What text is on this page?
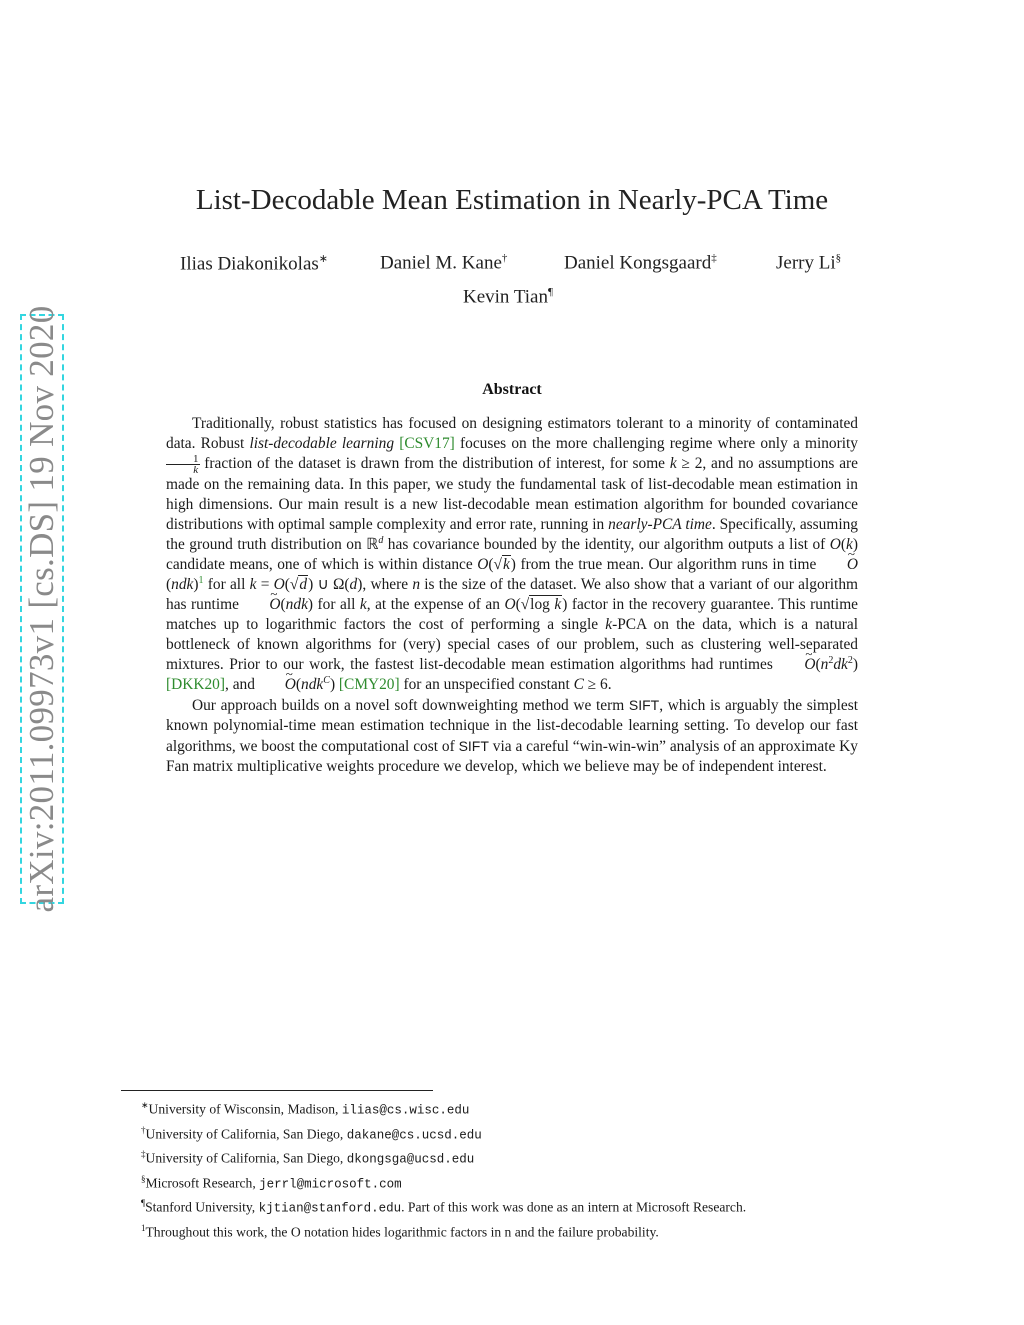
arXiv:2011.09973v1 [cs.DS] 19 Nov 2020
List-Decodable Mean Estimation in Nearly-PCA Time
Ilias Diakonikolas∗	Daniel M. Kane†	Daniel Kongsgaard‡	Jerry Li§
Kevin Tian¶
Abstract

Traditionally, robust statistics has focused on designing estimators tolerant to a minority of contaminated data. Robust list-decodable learning [CSV17] focuses on the more challenging regime where only a minority
$\frac{1}{k}$ fraction of the dataset is drawn from the distribution of interest, for some k ≥ 2, and no assumptions are made on the remaining data. In this paper, we study the fundamental task of list-decodable mean estimation in high dimensions. Our main result is a new list-decodable mean estimation algorithm for bounded covariance distributions with optimal sample complexity and error rate, running in nearly-PCA time. Specifically, assuming the ground truth distribution on ℝ$^d$ has covariance bounded by the identity, our algorithm outputs a list of O(k) candidate means, one of which is within distance O(√k) from the true mean. Our algorithm runs in time ~ O(ndk)$^1$ for all k = O(√d) ∪ Ω(d), where n is the size of the dataset. We also show that a variant of our algorithm has runtime ~ O(ndk) for all k, at the expense of an O(√log k) factor in the recovery guarantee. This runtime matches up to logarithmic factors the cost of performing a single k-PCA on the data, which is a natural bottleneck of known algorithms for (very) special cases of our problem, such as clustering well-separated mixtures. Prior to our work, the fastest list-decodable mean estimation algorithms had runtimes ~ $O(n^2dk^2)$ [DKK20], and ~ O(ndk$^C$) [CMY20] for an unspecified constant C ≥ 6.

Our approach builds on a novel soft downweighting method we term SIFT, which is arguably the simplest known polynomial-time mean estimation technique in the list-decodable learning setting. To develop our fast algorithms, we boost the computational cost of SIFT via a careful “win-win-win” analysis of an approximate Ky Fan matrix multiplicative weights procedure we develop, which we believe may be of independent interest.

∗University of Wisconsin, Madison, ilias@cs.wisc.edu
†University of California, San Diego, dakane@cs.ucsd.edu
‡University of California, San Diego, dkongsga@ucsd.edu
§Microsoft Research, jerrl@microsoft.com
¶Stanford University, kjtian@stanford.edu. Part of this work was done as an intern at Microsoft Research.
$^1$Throughout this work, the O notation hides logarithmic factors in n and the failure probability.
